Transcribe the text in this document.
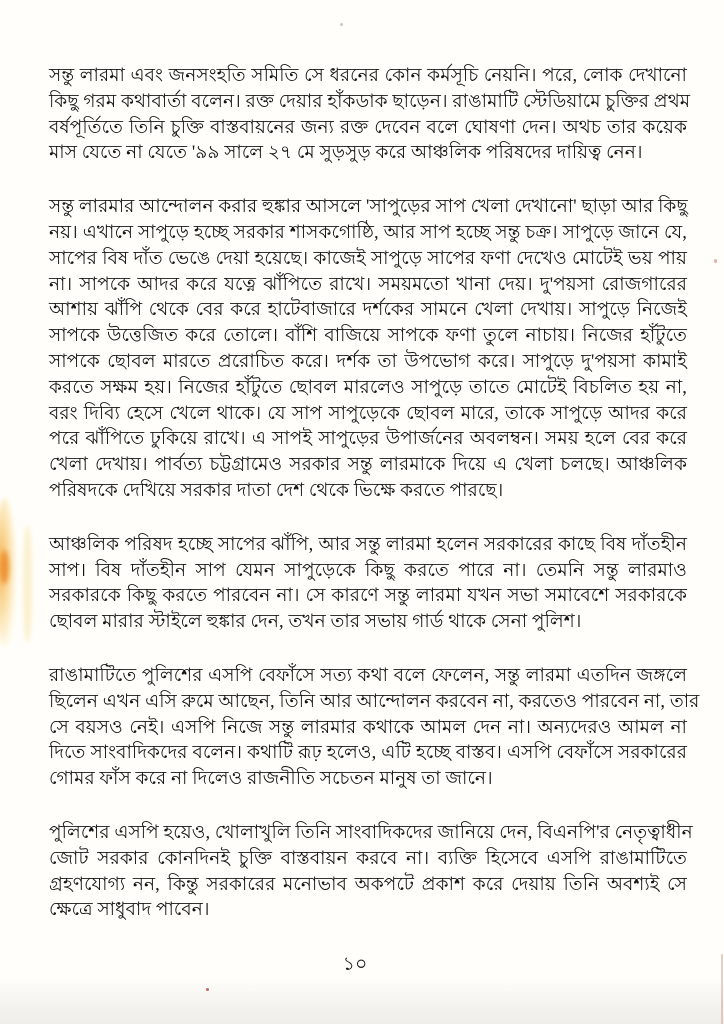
সন্তু লারমা এবং জনসংহতি সমিতি সে ধরনের কোন কর্মসূচি নেয়নি। পরে, লোক দেখানো
কিছু গরম কথাবার্তা বলেন। রক্ত দেয়ার হাঁকডাক ছাড়েন। রাঙামাটি স্টেডিয়ামে চুক্তির প্রথম
বর্ষপূর্তিতে তিনি চুক্তি বাস্তবায়নের জন্য রক্ত দেবেন বলে ঘোষণা দেন। অথচ তার কয়েক
মাস যেতে না যেতে '৯৯ সালে ২৭ মে সুড়সুড় করে আঞ্চলিক পরিষদের দায়িত্ব নেন।
সন্তু লারমার আন্দোলন করার হুঙ্কার আসলে 'সাপুড়ের সাপ খেলা দেখানো' ছাড়া আর কিছু
নয়। এখানে সাপুড়ে হচ্ছে সরকার শাসকগোষ্ঠি, আর সাপ হচ্ছে সন্তু চক্র। সাপুড়ে জানে যে,
সাপের বিষ দাঁত ভেঙে দেয়া হয়েছে। কাজেই সাপুড়ে সাপের ফণা দেখেও মোটেই ভয় পায়
না। সাপকে আদর করে যত্নে ঝাঁপিতে রাখে। সময়মতো খানা দেয়। দু'পয়সা রোজগারের
আশায় ঝাঁপি থেকে বের করে হাটেবাজারে দর্শকের সামনে খেলা দেখায়। সাপুড়ে নিজেই
সাপকে উত্তেজিত করে তোলে। বাঁশি বাজিয়ে সাপকে ফণা তুলে নাচায়। নিজের হাঁটুতে
সাপকে ছোবল মারতে প্ররোচিত করে। দর্শক তা উপভোগ করে। সাপুড়ে দু'পয়সা কামাই
করতে সক্ষম হয়। নিজের হাঁটুতে ছোবল মারলেও সাপুড়ে তাতে মোটেই বিচলিত হয় না,
বরং দিব্যি হেসে খেলে থাকে। যে সাপ সাপুড়েকে ছোবল মারে, তাকে সাপুড়ে আদর করে
পরে ঝাঁপিতে ঢুকিয়ে রাখে। এ সাপই সাপুড়ের উপার্জনের অবলম্বন। সময় হলে বের করে
খেলা দেখায়। পার্বত্য চট্টগ্রামেও সরকার সন্তু লারমাকে দিয়ে এ খেলা চলছে। আঞ্চলিক
পরিষদকে দেখিয়ে সরকার দাতা দেশ থেকে ভিক্ষে করতে পারছে।
আঞ্চলিক পরিষদ হচ্ছে সাপের ঝাঁপি, আর সন্তু লারমা হলেন সরকারের কাছে বিষ দাঁতহীন
সাপ। বিষ দাঁতহীন সাপ যেমন সাপুড়েকে কিছু করতে পারে না। তেমনি সন্তু লারমাও
সরকারকে কিছু করতে পারবেন না। সে কারণে সন্তু লারমা যখন সভা সমাবেশে সরকারকে
ছোবল মারার স্টাইলে হুঙ্কার দেন, তখন তার সভায় গার্ড থাকে সেনা পুলিশ।
রাঙামাটিতে পুলিশের এসপি বেফাঁসে সত্য কথা বলে ফেলেন, সন্তু লারমা এতদিন জঙ্গলে
ছিলেন এখন এসি রুমে আছেন, তিনি আর আন্দোলন করবেন না, করতেও পারবেন না, তার
সে বয়সও নেই। এসপি নিজে সন্তু লারমার কথাকে আমল দেন না। অন্যদেরও আমল না
দিতে সাংবাদিকদের বলেন। কথাটি রূঢ় হলেও, এটি হচ্ছে বাস্তব। এসপি বেফাঁসে সরকারের
গোমর ফাঁস করে না দিলেও রাজনীতি সচেতন মানুষ তা জানে।
পুলিশের এসপি হয়েও, খোলাখুলি তিনি সাংবাদিকদের জানিয়ে দেন, বিএনপি'র নেতৃত্বাধীন
জোট সরকার কোনদিনই চুক্তি বাস্তবায়ন করবে না। ব্যক্তি হিসেবে এসপি রাঙামাটিতে
গ্রহণযোগ্য নন, কিন্তু সরকারের মনোভাব অকপটে প্রকাশ করে দেয়ায় তিনি অবশ্যই সে
ক্ষেত্রে সাধুবাদ পাবেন।
১০
